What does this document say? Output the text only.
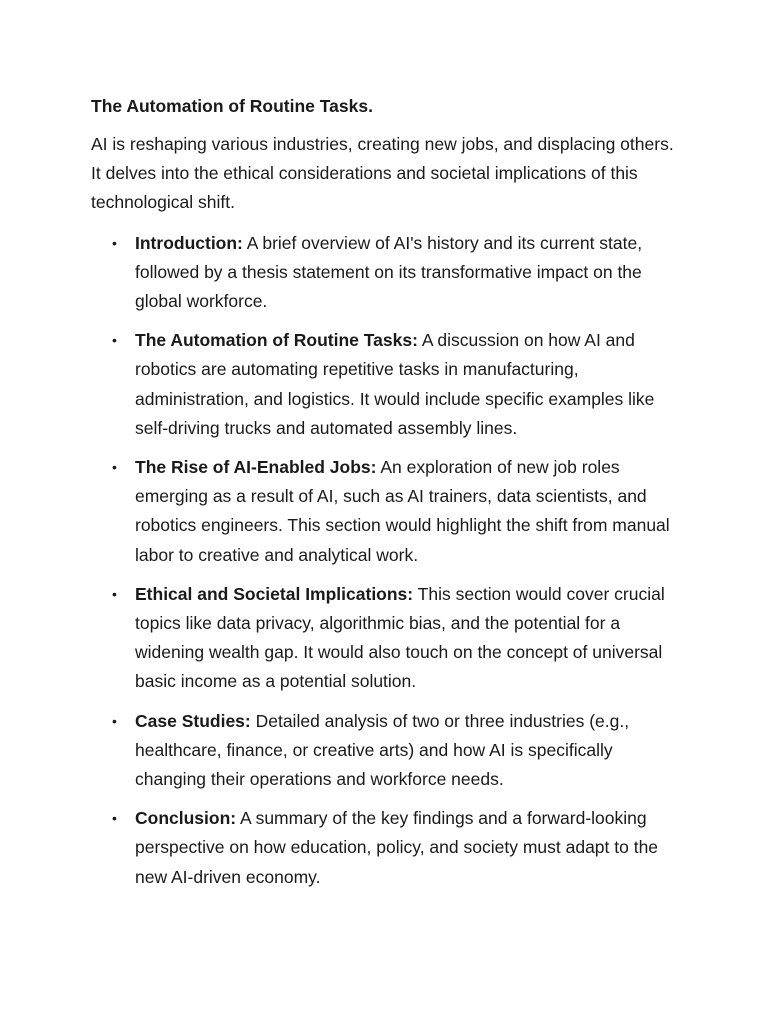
The Automation of Routine Tasks.

AI is reshaping various industries, creating new jobs, and displacing others. It delves into the ethical considerations and societal implications of this technological shift.

• Introduction: A brief overview of AI's history and its current state, followed by a thesis statement on its transformative impact on the global workforce.
• The Automation of Routine Tasks: A discussion on how AI and robotics are automating repetitive tasks in manufacturing, administration, and logistics. It would include specific examples like self-driving trucks and automated assembly lines.
• The Rise of AI-Enabled Jobs: An exploration of new job roles emerging as a result of AI, such as AI trainers, data scientists, and robotics engineers. This section would highlight the shift from manual labor to creative and analytical work.
• Ethical and Societal Implications: This section would cover crucial topics like data privacy, algorithmic bias, and the potential for a widening wealth gap. It would also touch on the concept of universal basic income as a potential solution.
• Case Studies: Detailed analysis of two or three industries (e.g., healthcare, finance, or creative arts) and how AI is specifically changing their operations and workforce needs.
• Conclusion: A summary of the key findings and a forward-looking perspective on how education, policy, and society must adapt to the new AI-driven economy.
